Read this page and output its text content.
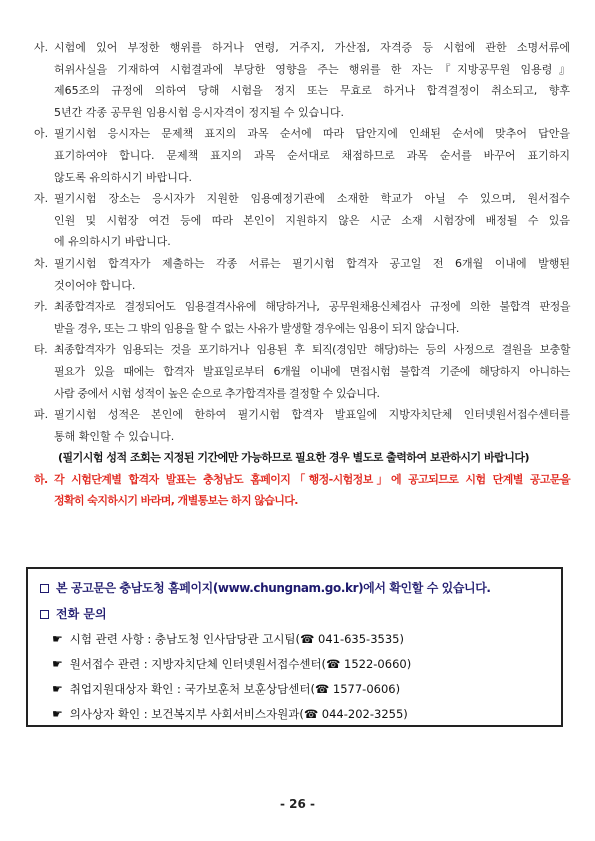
사. 시험에 있어 부정한 행위를 하거나 연령, 거주지, 가산점, 자격증 등 시험에 관한 소명서류에
허위사실을 기재하여 시험결과에 부당한 영향을 주는 행위를 한 자는『지방공무원 임용령』
제65조의 규정에 의하여 당해 시험을 정지 또는 무효로 하거나 합격결정이 취소되고, 향후
5년간 각종 공무원 임용시험 응시자격이 정지될 수 있습니다.
아. 필기시험 응시자는 문제책 표지의 과목 순서에 따라 답안지에 인쇄된 순서에 맞추어 답안을
표기하여야 합니다. 문제책 표지의 과목 순서대로 채점하므로 과목 순서를 바꾸어 표기하지
않도록 유의하시기 바랍니다.
자. 필기시험 장소는 응시자가 지원한 임용예정기관에 소재한 학교가 아닐 수 있으며, 원서접수
인원 및 시험장 여건 등에 따라 본인이 지원하지 않은 시군 소재 시험장에 배정될 수 있음
에 유의하시기 바랍니다.
차. 필기시험 합격자가 제출하는 각종 서류는 필기시험 합격자 공고일 전 6개월 이내에 발행된
것이어야 합니다.
카. 최종합격자로 결정되어도 임용결격사유에 해당하거나, 공무원채용신체검사 규정에 의한 불합격 판정을
받을 경우, 또는 그 밖의 임용을 할 수 없는 사유가 발생할 경우에는 임용이 되지 않습니다.
타. 최종합격자가 임용되는 것을 포기하거나 임용된 후 퇴직(경임만 해당)하는 등의 사정으로 결원을 보충할
필요가 있을 때에는 합격자 발표일로부터 6개월 이내에 면접시험 불합격 기준에 해당하지 아니하는
사람 중에서 시험 성적이 높은 순으로 추가합격자를 결정할 수 있습니다.
파. 필기시험 성적은 본인에 한하여 필기시험 합격자 발표일에 지방자치단체 인터넷원서접수센터를
통해 확인할 수 있습니다.
(필기시험 성적 조회는 지정된 기간에만 가능하므로 필요한 경우 별도로 출력하여 보관하시기 바랍니다)
하. 각 시험단계별 합격자 발표는 충청남도 홈페이지「행정-시험정보」에 공고되므로 시험 단계별 공고문을
정확히 숙지하시기 바라며, 개별통보는 하지 않습니다.
본 공고문은 충남도청 홈페이지(www.chungnam.go.kr)에서 확인할 수 있습니다.
전화 문의
☛ 시험 관련 사항 : 충남도청 인사담당관 고시팀(☎ 041-635-3535)
☛ 원서접수 관련 : 지방자치단체 인터넷원서접수센터(☎ 1522-0660)
☛ 취업지원대상자 확인 : 국가보훈처 보훈상담센터(☎ 1577-0606)
☛ 의사상자 확인 : 보건복지부 사회서비스자원과(☎ 044-202-3255)
- 26 -
